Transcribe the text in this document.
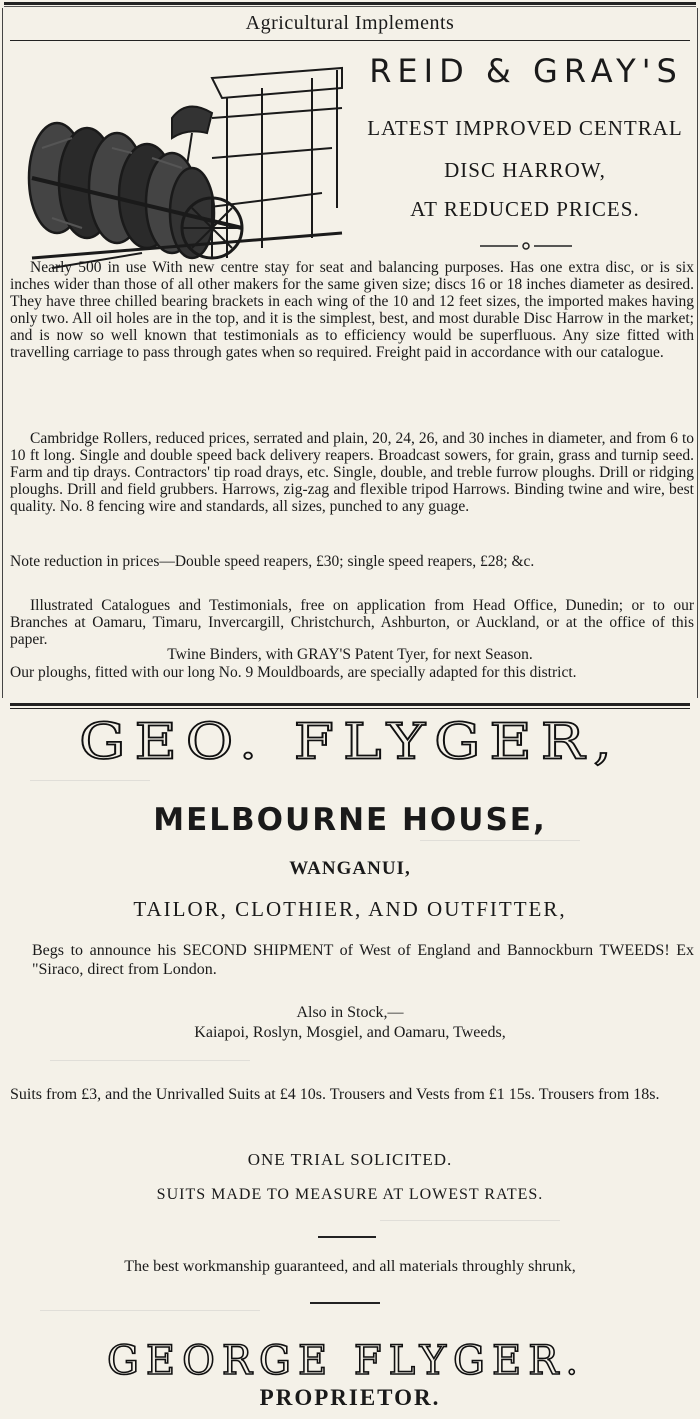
Agricultural Implements
REID & GRAY'S
LATEST IMPROVED CENTRAL
DISC HARROW,
AT REDUCED PRICES.
Nearly 500 in use With new centre stay for seat and balancing purposes. Has one extra disc, or is six inches wider than those of all other makers for the same given size; discs 16 or 18 inches diameter as desired. They have three chilled bearing brackets in each wing of the 10 and 12 feet sizes, the imported makes having only two. All oil holes are in the top, and it is the simplest, best, and most durable Disc Harrow in the market; and is now so well known that testimonials as to efficiency would be superfluous. Any size fitted with travelling carriage to pass through gates when so required. Freight paid in accordance with our catalogue.
Cambridge Rollers, reduced prices, serrated and plain, 20, 24, 26, and 30 inches in diameter, and from 6 to 10 ft long. Single and double speed back delivery reapers. Broadcast sowers, for grain, grass and turnip seed. Farm and tip drays. Contractors' tip road drays, etc. Single, double, and treble furrow ploughs. Drill or ridging ploughs. Drill and field grubbers. Harrows, zig-zag and flexible tripod Harrows. Binding twine and wire, best quality. No. 8 fencing wire and standards, all sizes, punched to any guage.
Note reduction in prices—Double speed reapers, £30; single speed reapers, £28; &c.
Illustrated Catalogues and Testimonials, free on application from Head Office, Dunedin; or to our Branches at Oamaru, Timaru, Invercargill, Christchurch, Ashburton, or Auckland, or at the office of this paper.
Twine Binders, with GRAY'S Patent Tyer, for next Season.
Our ploughs, fitted with our long No. 9 Mouldboards, are specially adapted for this district.
GEO. FLYGER,
MELBOURNE HOUSE,
WANGANUI,
TAILOR, CLOTHIER, AND OUTFITTER,
Begs to announce his SECOND SHIPMENT of West of England and Bannockburn TWEEDS! Ex "Siraco, direct from London.
Also in Stock,—
Kaiapoi, Roslyn, Mosgiel, and Oamaru, Tweeds,
Suits from £3, and the Unrivalled Suits at £4 10s. Trousers and Vests from £1 15s. Trousers from 18s.
ONE TRIAL SOLICITED.
SUITS MADE TO MEASURE AT LOWEST RATES.
The best workmanship guaranteed, and all materials throughly shrunk,
GEORGE FLYGER.
PROPRIETOR.
